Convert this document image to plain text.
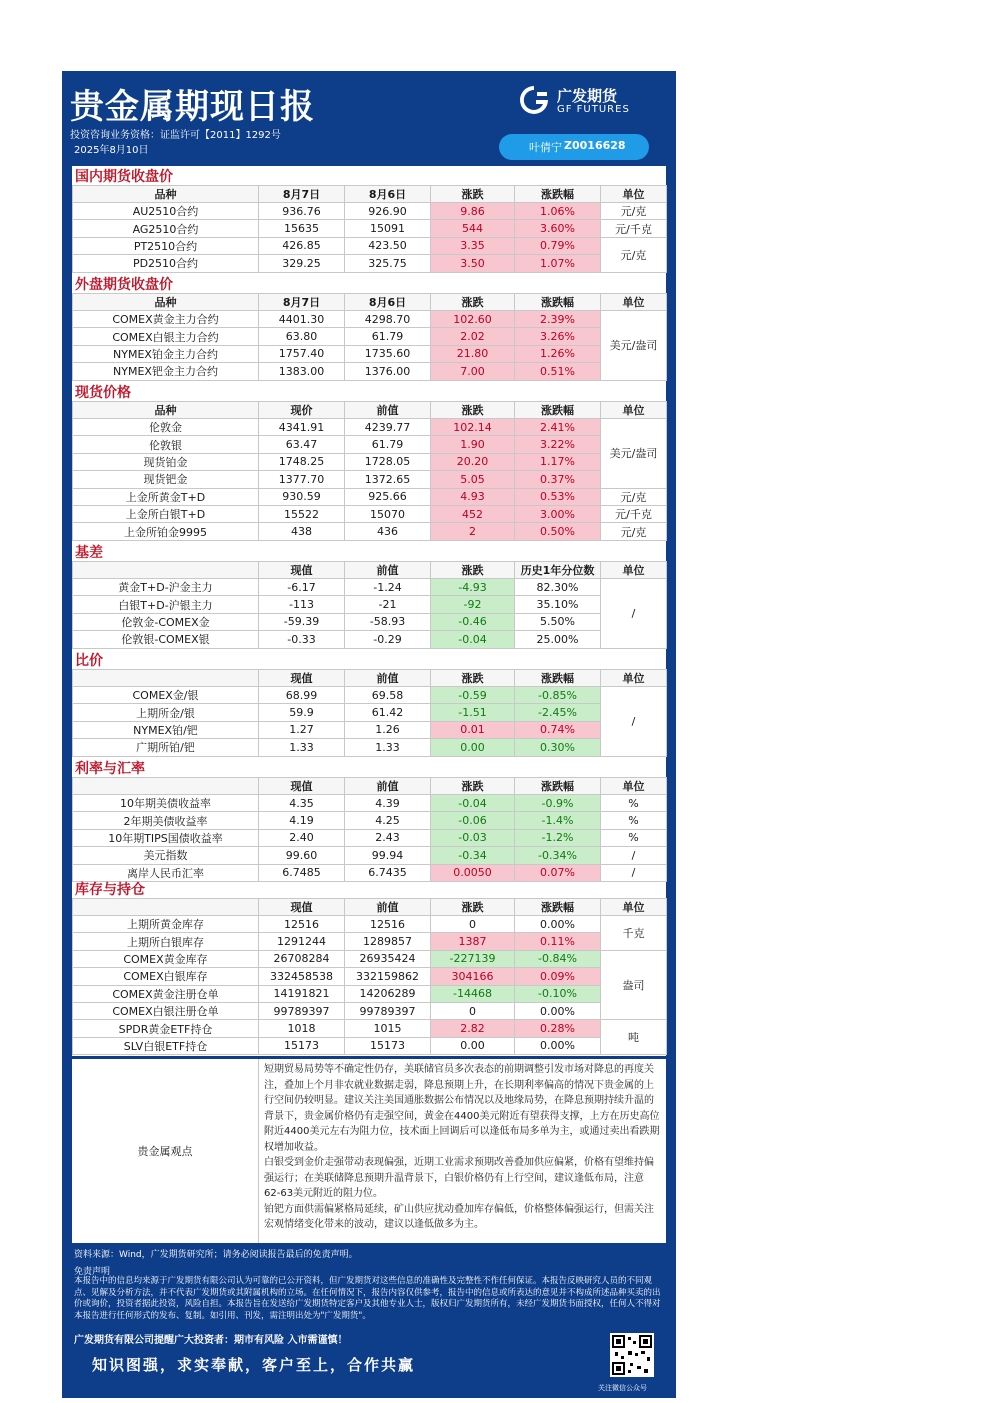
贵金属期现日报
投资咨询业务资格：证监许可【2011】1292号
2025年8月10日
广发期货
GF FUTURES
叶倩宁 Z0016628
国内期货收盘价
品种	8月7日	8月6日	涨跌	涨跌幅	单位
AU2510合约	936.76	926.90	9.86	1.06%	元/克
AG2510合约	15635	15091	544	3.60%	元/千克
PT2510合约	426.85	423.50	3.35	0.79%	元/克
PD2510合约	329.25	325.75	3.50	1.07%	
外盘期货收盘价
品种	8月7日	8月6日	涨跌	涨跌幅	单位
COMEX黄金主力合约	4401.30	4298.70	102.60	2.39%	美元/盎司
COMEX白银主力合约	63.80	61.79	2.02	3.26%	
NYMEX铂金主力合约	1757.40	1735.60	21.80	1.26%	
NYMEX钯金主力合约	1383.00	1376.00	7.00	0.51%	
现货价格
品种	现价	前值	涨跌	涨跌幅	单位
伦敦金	4341.91	4239.77	102.14	2.41%	美元/盎司
伦敦银	63.47	61.79	1.90	3.22%	
现货铂金	1748.25	1728.05	20.20	1.17%	
现货钯金	1377.70	1372.65	5.05	0.37%	
上金所黄金T+D	930.59	925.66	4.93	0.53%	元/克
上金所白银T+D	15522	15070	452	3.00%	元/千克
上金所铂金9995	438	436	2	0.50%	元/克
基差
	现值	前值	涨跌	历史1年分位数	单位
黄金T+D-沪金主力	-6.17	-1.24	-4.93	82.30%	/
白银T+D-沪银主力	-113	-21	-92	35.10%	
伦敦金-COMEX金	-59.39	-58.93	-0.46	5.50%	
伦敦银-COMEX银	-0.33	-0.29	-0.04	25.00%	
比价
	现值	前值	涨跌	涨跌幅	单位
COMEX金/银	68.99	69.58	-0.59	-0.85%	/
上期所金/银	59.9	61.42	-1.51	-2.45%	
NYMEX铂/钯	1.27	1.26	0.01	0.74%	
广期所铂/钯	1.33	1.33	0.00	0.30%	
利率与汇率
	现值	前值	涨跌	涨跌幅	单位
10年期美债收益率	4.35	4.39	-0.04	-0.9%	%
2年期美债收益率	4.19	4.25	-0.06	-1.4%	%
10年期TIPS国债收益率	2.40	2.43	-0.03	-1.2%	%
美元指数	99.60	99.94	-0.34	-0.34%	/
离岸人民币汇率	6.7485	6.7435	0.0050	0.07%	/
库存与持仓
	现值	前值	涨跌	涨跌幅	单位
上期所黄金库存	12516	12516	0	0.00%	千克
上期所白银库存	1291244	1289857	1387	0.11%	
COMEX黄金库存	26708284	26935424	-227139	-0.84%	盎司
COMEX白银库存	332458538	332159862	304166	0.09%	
COMEX黄金注册仓单	14191821	14206289	-14468	-0.10%	
COMEX白银注册仓单	99789397	99789397	0	0.00%	
SPDR黄金ETF持仓	1018	1015	2.82	0.28%	吨
SLV白银ETF持仓	15173	15173	0.00	0.00%	
贵金属观点

短期贸易局势等不确定性仍存，美联储官员多次表态的前期调整引发市场对降息的再度关注，叠加上个月非农就业数据走弱，降息预期上升，在长期利率偏高的情况下贵金属的上行空间仍较明显。建议关注美国通胀数据公布情况以及地缘局势，在降息预期持续升温的背景下，贵金属价格仍有走强空间，黄金在4400美元附近有望获得支撑，上方在历史高位附近4400美元左右为阻力位，技术面上回调后可以逢低布局多单为主，或通过卖出看跌期权增加收益。

白银受到金价走强带动表现偏强，近期工业需求预期改善叠加供应偏紧，价格有望维持偏强运行；在美联储降息预期升温背景下，白银价格仍有上行空间，建议逢低布局，注意62-63美元附近的阻力位。

铂钯方面供需偏紧格局延续，矿山供应扰动叠加库存偏低，价格整体偏强运行，但需关注宏观情绪变化带来的波动，建议以逢低做多为主。

资料来源：Wind，广发期货研究所；请务必阅读报告最后的免责声明。
免责声明
本报告中的信息均来源于广发期货有限公司认为可靠的已公开资料，但广发期货对这些信息的准确性及完整性不作任何保证。本报告反映研究人员的不同观点、见解及分析方法，并不代表广发期货或其附属机构的立场。在任何情况下，报告内容仅供参考，报告中的信息或所表达的意见并不构成所述品种买卖的出价或询价，投资者据此投资，风险自担。本报告旨在发送给广发期货特定客户及其他专业人士，版权归广发期货所有，未经广发期货书面授权，任何人不得对本报告进行任何形式的发布、复制。如引用、刊发，需注明出处为"广发期货"。
广发期货有限公司提醒广大投资者：期市有风险 入市需谨慎！
知识图强，求实奉献，客户至上，合作共赢
关注微信公众号
